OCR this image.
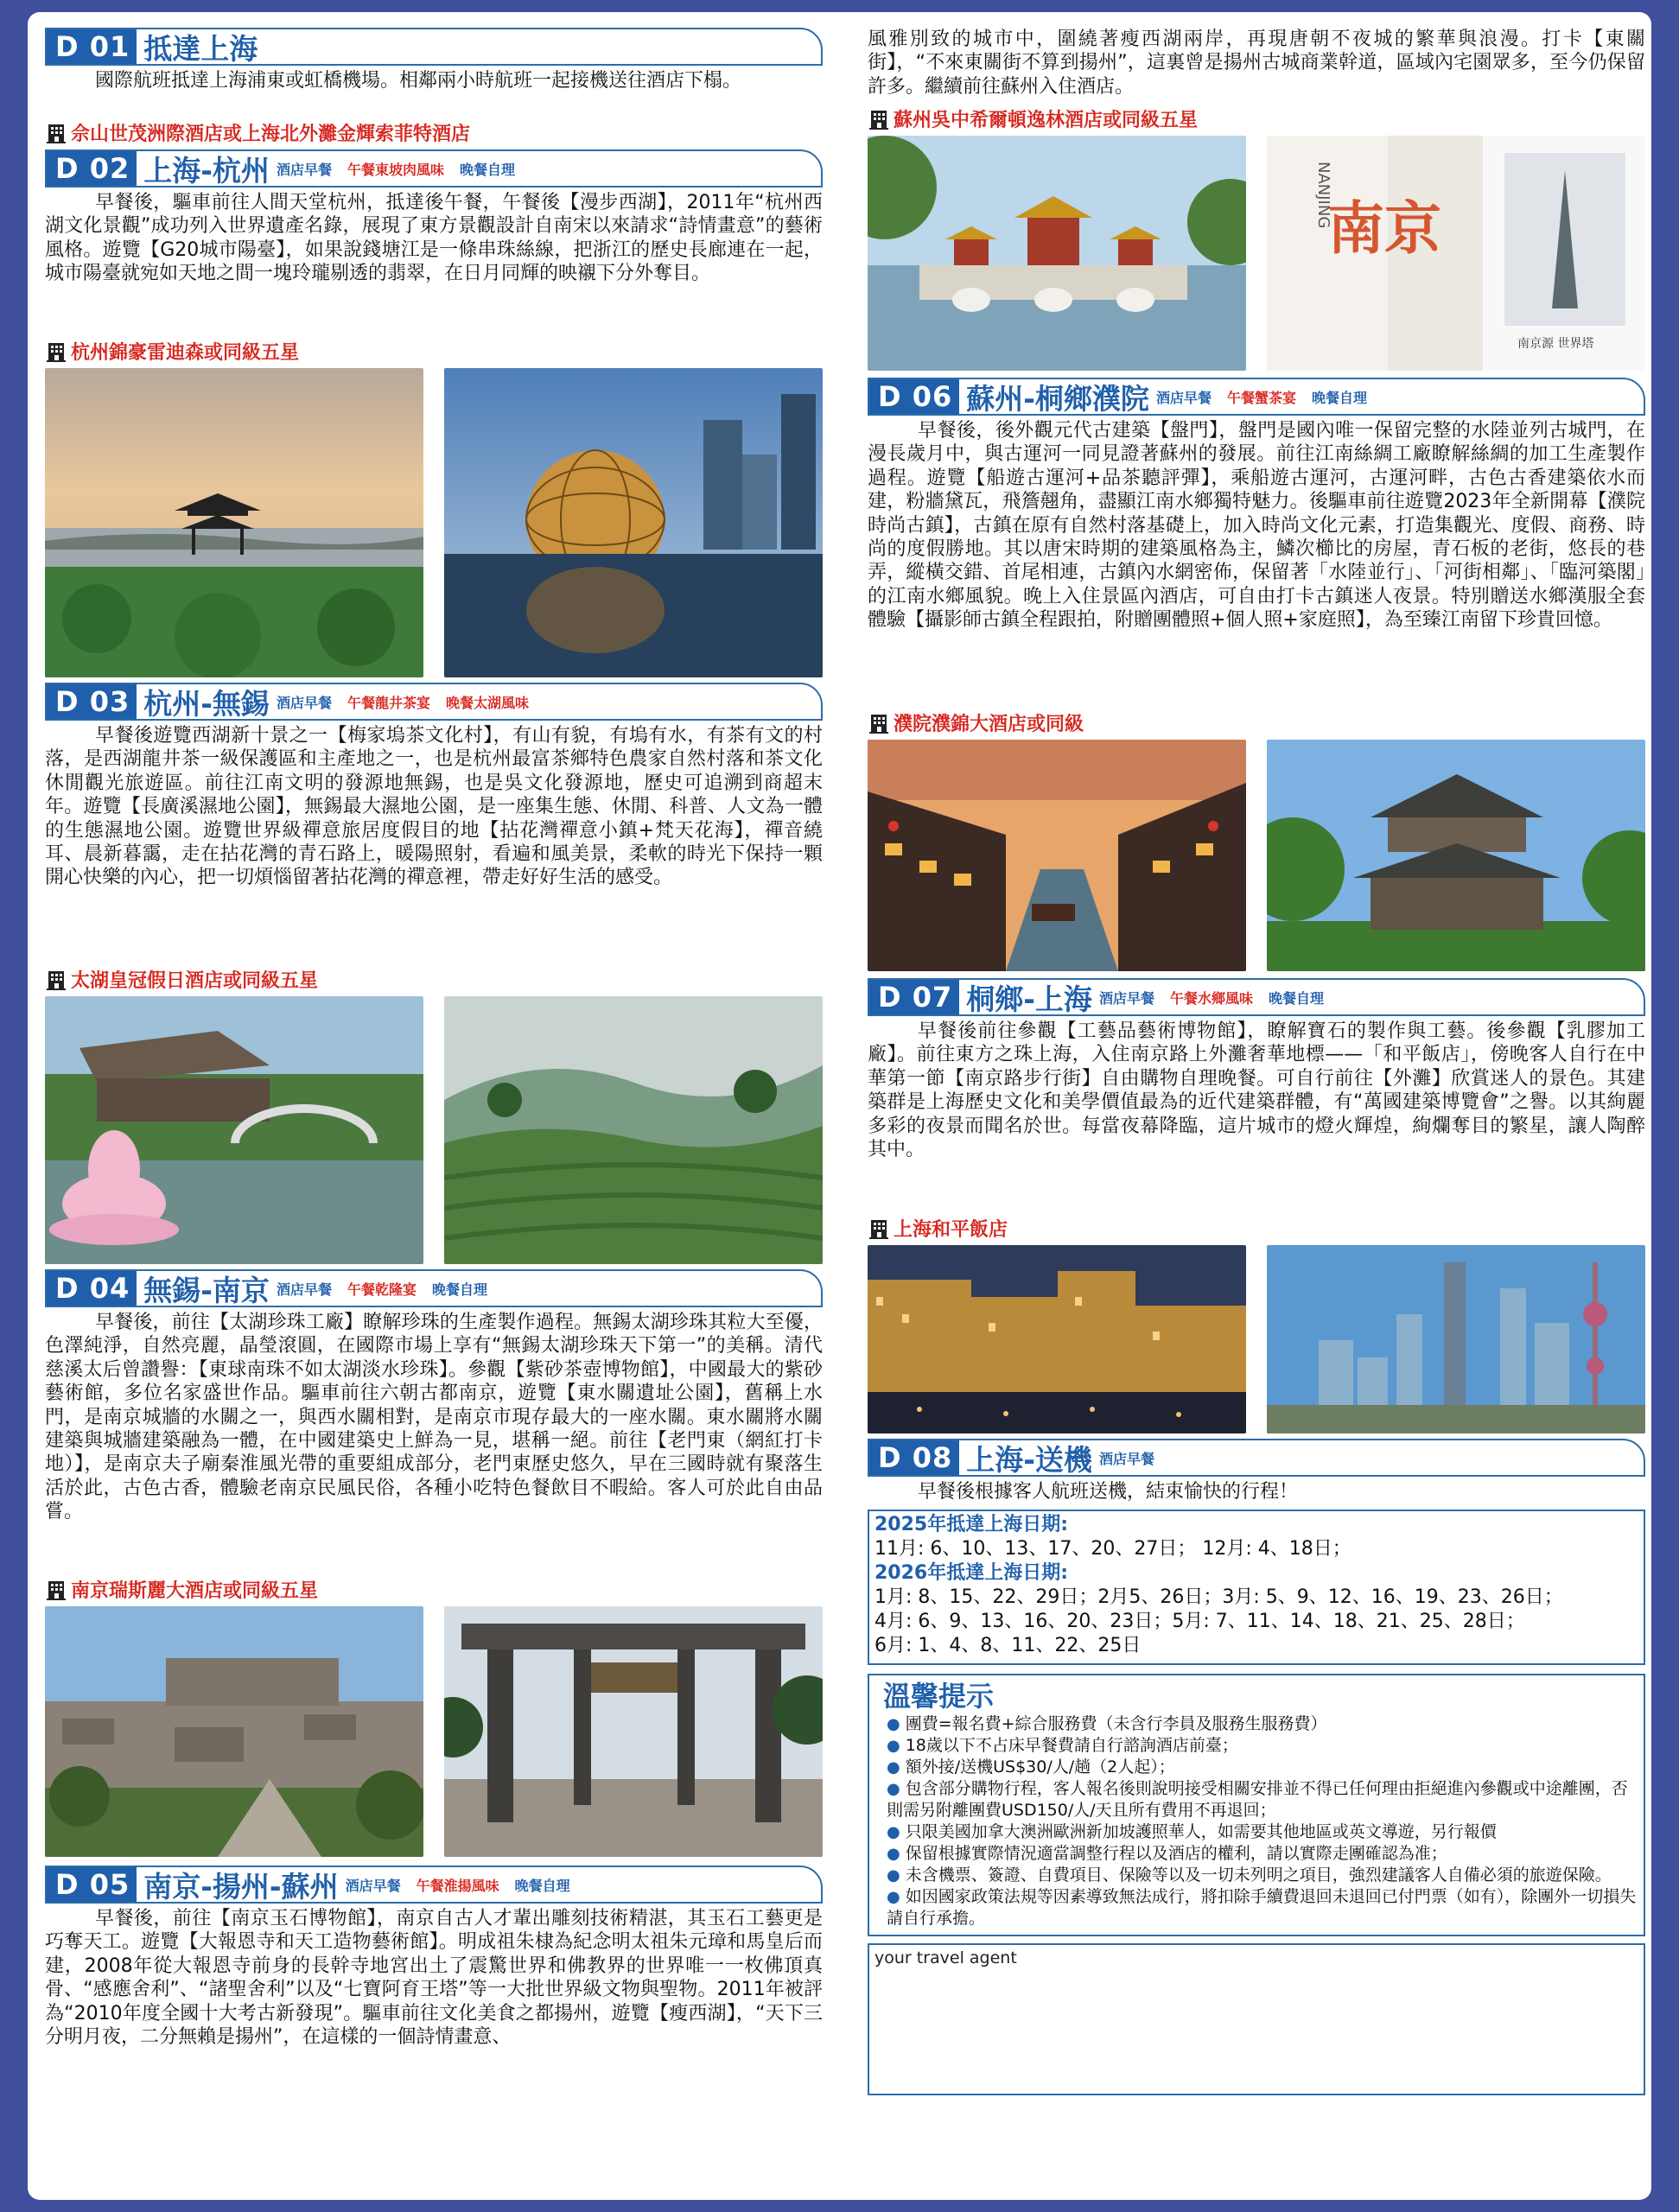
D 01 抵達上海

國際航班抵達上海浦東或虹橋機場。相鄰兩小時航班一起接機送往酒店下榻。

佘山世茂洲際酒店或上海北外灘金輝索菲特酒店
D 02 上海-杭州 酒店早餐 午餐東坡肉風味 晚餐自理

早餐後，驅車前往人間天堂杭州，抵達後午餐，午餐後【漫步西湖】，2011年“杭州西湖文化景觀”成功列入世界遺產名錄，展現了東方景觀設計自南宋以來請求“詩情畫意”的藝術風格。遊覽【G20城市陽臺】，如果說錢塘江是一條串珠絲線，把浙江的歷史長廊連在一起，城市陽臺就宛如天地之間一塊玲瓏剔透的翡翠，在日月同輝的映襯下分外奪目。

杭州錦豪雷迪森或同級五星
D 03 杭州-無錫 酒店早餐 午餐龍井茶宴 晚餐太湖風味

早餐後遊覽西湖新十景之一【梅家塢茶文化村】，有山有貌，有塢有水，有茶有文的村落，是西湖龍井茶一級保護區和主產地之一，也是杭州最富茶鄉特色農家自然村落和茶文化休閒觀光旅遊區。前往江南文明的發源地無錫，也是吳文化發源地，歷史可追溯到商超末年。遊覽【長廣溪濕地公園】，無錫最大濕地公園，是一座集生態、休閒、科普、人文為一體的生態濕地公園。遊覽世界級禪意旅居度假目的地【拈花灣禪意小鎮+梵天花海】，禪音繞耳、晨新暮靄，走在拈花灣的青石路上，暖陽照射，看遍和風美景，柔軟的時光下保持一顆開心快樂的內心，把一切煩惱留著拈花灣的禪意裡，帶走好好生活的感受。

太湖皇冠假日酒店或同級五星
D 04 無錫-南京 酒店早餐 午餐乾隆宴 晚餐自理

早餐後，前往【太湖珍珠工廠】瞭解珍珠的生產製作過程。無錫太湖珍珠其粒大至優，色澤純淨，自然亮麗，晶瑩滾圓，在國際市場上享有“無錫太湖珍珠天下第一”的美稱。清代慈溪太后曾讚譽：【東球南珠不如太湖淡水珍珠】。參觀【紫砂茶壺博物館】，中國最大的紫砂藝術館，多位名家盛世作品。驅車前往六朝古都南京，遊覽【東水關遺址公園】，舊稱上水門，是南京城牆的水關之一，與西水關相對，是南京市現存最大的一座水關。東水關將水關建築與城牆建築融為一體，在中國建築史上鮮為一見，堪稱一絕。前往【老門東（網紅打卡地）】，是南京夫子廟秦淮風光帶的重要組成部分，老門東歷史悠久，早在三國時就有聚落生活於此，古色古香，體驗老南京民風民俗，各種小吃特色餐飲目不暇給。客人可於此自由品嘗。

南京瑞斯麗大酒店或同級五星
D 05 南京-揚州-蘇州 酒店早餐 午餐淮揚風味 晚餐自理

早餐後，前往【南京玉石博物館】，南京自古人才輩出雕刻技術精湛，其玉石工藝更是巧奪天工。遊覽【大報恩寺和天工造物藝術館】。明成祖朱棣為紀念明太祖朱元璋和馬皇后而建，2008年從大報恩寺前身的長幹寺地宮出土了震驚世界和佛教界的世界唯一一枚佛頂真骨、“感應舍利”、“諸聖舍利”以及“七寶阿育王塔”等一大批世界級文物與聖物。2011年被評為“2010年度全國十大考古新發現”。驅車前往文化美食之都揚州，遊覽【瘦西湖】，“天下三分明月夜，二分無賴是揚州”，在這樣的一個詩情畫意、

風雅別致的城市中，圍繞著瘦西湖兩岸，再現唐朝不夜城的繁華與浪漫。打卡【東關街】，“不來東關街不算到揚州”，這裏曾是揚州古城商業幹道，區域內宅園眾多，至今仍保留許多。繼續前往蘇州入住酒店。

蘇州吳中希爾頓逸林酒店或同級五星
NANJING
南京
南京源 世界塔
D 06 蘇州-桐鄉濮院 酒店早餐 午餐蟹茶宴 晚餐自理

早餐後，後外觀元代古建築【盤門】，盤門是國內唯一保留完整的水陸並列古城門，在漫長歲月中，與古運河一同見證著蘇州的發展。前往江南絲綢工廠瞭解絲綢的加工生產製作過程。遊覽【船遊古運河+品茶聽評彈】，乘船遊古運河，古運河畔，古色古香建築依水而建，粉牆黛瓦，飛簷翹角，盡顯江南水鄉獨特魅力。後驅車前往遊覽2023年全新開幕【濮院時尚古鎮】，古鎮在原有自然村落基礎上，加入時尚文化元素，打造集觀光、度假、商務、時尚的度假勝地。其以唐宋時期的建築風格為主，鱗次櫛比的房屋，青石板的老街，悠長的巷弄，縱橫交錯、首尾相連，古鎮內水網密佈，保留著「水陸並行」、「河街相鄰」、「臨河築閣」的江南水鄉風貌。晚上入住景區內酒店，可自由打卡古鎮迷人夜景。特別贈送水鄉漢服全套體驗【攝影師古鎮全程跟拍，附贈團體照+個人照+家庭照】，為至臻江南留下珍貴回憶。

濮院濮錦大酒店或同級
D 07 桐鄉-上海 酒店早餐 午餐水鄉風味 晚餐自理

早餐後前往參觀【工藝品藝術博物館】，瞭解寶石的製作與工藝。後參觀【乳膠加工廠】。前往東方之珠上海，入住南京路上外灘奢華地標——「和平飯店」，傍晚客人自行在中華第一節【南京路步行街】自由購物自理晚餐。可自行前往【外灘】欣賞迷人的景色。其建築群是上海歷史文化和美學價值最為的近代建築群體，有“萬國建築博覽會”之譽。以其絢麗多彩的夜景而聞名於世。每當夜幕降臨，這片城市的燈火輝煌，絢爛奪目的繁星，讓人陶醉其中。

上海和平飯店
D 08 上海-送機 酒店早餐

早餐後根據客人航班送機，結束愉快的行程！

2025年抵達上海日期:
11月: 6、10、13、17、20、27日； 12月: 4、18日；
2026年抵達上海日期:
1月: 8、15、22、29日；2月5、26日；3月: 5、9、12、16、19、23、26日；
4月: 6、9、13、16、20、23日；5月: 7、11、14、18、21、25、28日；
6月: 1、4、8、11、22、25日
溫馨提示
● 團費=報名費+綜合服務費（未含行李員及服務生服務費）
● 18歲以下不占床早餐費請自行諮詢酒店前臺；
● 額外接/送機US$30/人/趟（2人起）；
● 包含部分購物行程，客人報名後則說明接受相關安排並不得已任何理由拒絕進內參觀或中途離團，否則需另附離團費USD150/人/天且所有費用不再退回；
● 只限美國加拿大澳洲歐洲新加坡護照華人，如需要其他地區或英文導遊，另行報價
● 保留根據實際情況適當調整行程以及酒店的權利，請以實際走團確認為准；
● 未含機票、簽證、自費項目、保險等以及一切未列明之項目，強烈建議客人自備必須的旅遊保險。
● 如因國家政策法規等因素導致無法成行，將扣除手續費退回未退回已付門票（如有），除團外一切損失請自行承擔。
your travel agent
